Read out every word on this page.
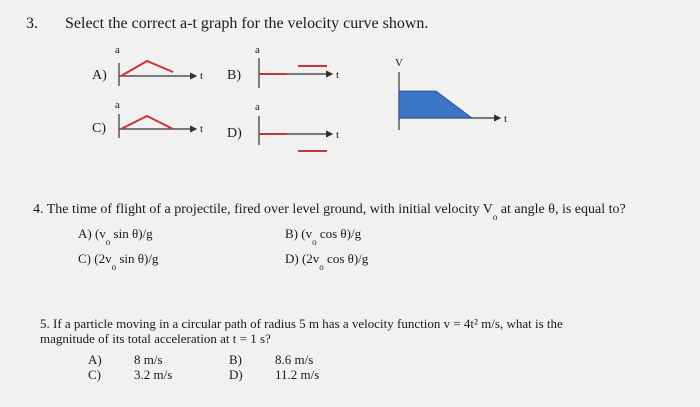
3. Select the correct a-t graph for the velocity curve shown.
a
t
a
t
a
t
a
t
V
t
A)	B)
C)	D)
4. The time of flight of a projectile, fired over level ground, with initial velocity $V_o$ at angle θ, is equal to?
A) ($v_o$ sin θ)/g	B) ($v_o$ cos θ)/g
C) ($2v_o$ sin θ)/g	D) ($2v_o$ cos θ)/g
5. If a particle moving in a circular path of radius 5 m has a velocity function v = 4t² m/s, what is the
magnitude of its total acceleration at t = 1 s?
A) 8 m/s	B)	8.6 m/s
C)	3.2 m/s	D) 11.2 m/s
